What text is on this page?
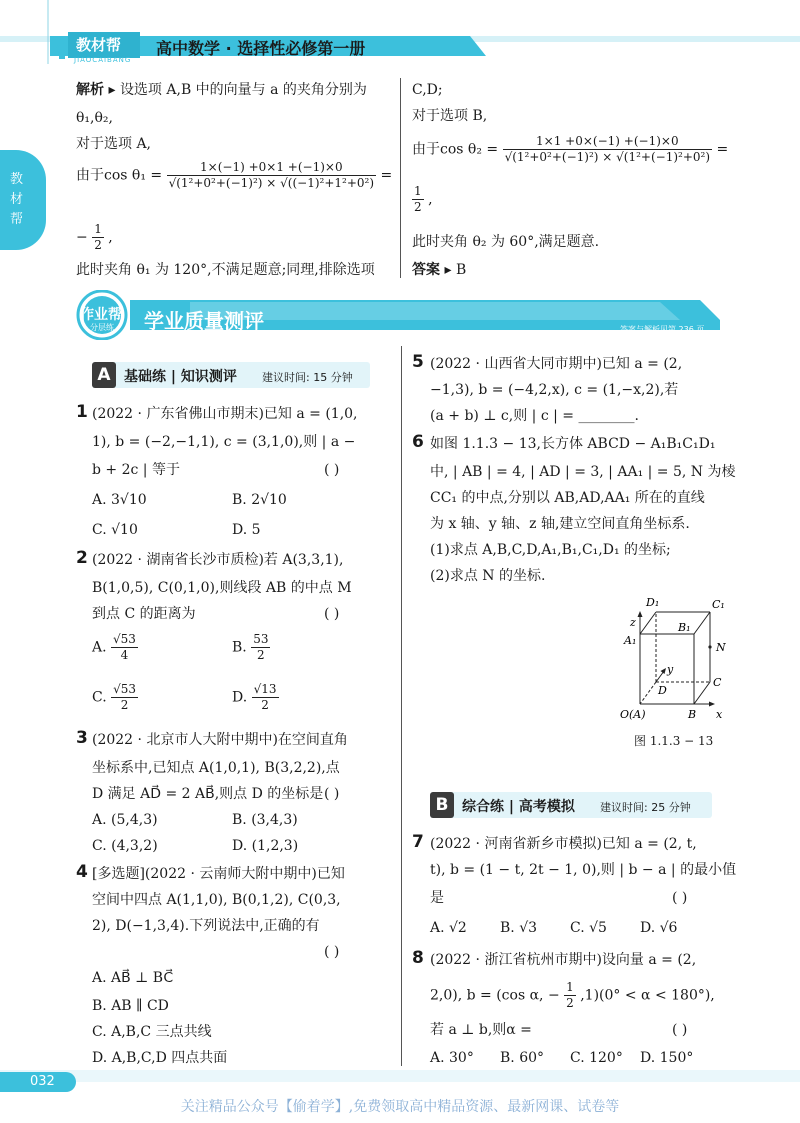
教材帮
JIAOCAIBANG
高中数学 · 选择性必修第一册
教材帮
解析 ▸ 设选项 A,B 中的向量与 a 的夹角分别为
θ₁,θ₂,
对于选项 A,
由于$\cos \theta_1 = \frac{1\times(-1) +0\times 1 +(-1)\times 0}{\text{√(1²+0²+(−1)²) × √((−1)²+1²+0²)}}$ =
− $\frac{1}{2}$ ,
此时夹角 θ₁ 为 120°,不满足题意;同理,排除选项
C,D;
对于选项 B,
由于$\cos \theta_2 = \frac{1\times 1 +0\times(-1) +(-1)\times 0}{\text{√(1²+0²+(−1)²) × √(1²+(−1)²+0²)}}$ =
$\frac{1}{2}$ ,
此时夹角 θ₂ 为 60°,满足题意.
答案 ▸ B
作业帮
分层练 学业质量测评	答案与解析见第 236 页
A 基础练 | 知识测评 建议时间: 15 分钟
1 (2022 · 广东省佛山市期末)已知 a = (1,0,
1), b = (−2,−1,1), c = (3,1,0),则 | a −
b + 2c | 等于	( )
A. 3√10	B. 2√10
C. √10	D. 5
2 (2022 · 湖南省长沙市质检)若 A(3,3,1),
B(1,0,5), C(0,1,0),则线段 AB 的中点 M
到点 C 的距离为	( )
A. $\frac{√53}{4}$	B. $\frac{53}{2}$
C. $\frac{√53}{2}$	D. $\frac{√13}{2}$
3 (2022 · 北京市人大附中期中)在空间直角
坐标系中,已知点 A(1,0,1), B(3,2,2),点
D 满足 AD⃗ = 2 AB⃗,则点 D 的坐标是 ( )
A. (5,4,3)	B. (3,4,3)
C. (4,3,2)	D. (1,2,3)
4 [多选题](2022 · 云南师大附中期中)已知
空间中四点 A(1,1,0), B(0,1,2), C(0,3,
2), D(−1,3,4).下列说法中,正确的有
( )
A. AB⃗ ⊥ BC⃗
B. AB ∥ CD
C. A,B,C 三点共线
D. A,B,C,D 四点共面
5 (2022 · 山西省大同市期中)已知 a = (2,
−1,3), b = (−4,2,x), c = (1,−x,2),若
(a + b) ⊥ c,则 | c | = ________.
6 如图 1.1.3 − 13,长方体 ABCD − A₁B₁C₁D₁
中, | AB | = 4, | AD | = 3, | AA₁ | = 5, N 为棱
CC₁ 的中点,分别以 AB,AD,AA₁ 所在的直线
为 x 轴、y 轴、z 轴,建立空间直角坐标系.
(1)求点 A,B,C,D,A₁,B₁,C₁,D₁ 的坐标;
(2)求点 N 的坐标.
D₁	C₁
B₁
A₁
z
y
N
C
D
O(A)	B x
图 1.1.3 − 13
B 综合练 | 高考模拟 建议时间: 25 分钟
7 (2022 · 河南省新乡市模拟)已知 a = (2, t,
t), b = (1 − t, 2t − 1, 0),则 | b − a | 的最小值
是	( )
A. √2 B. √3 C. √5 D. √6
8 (2022 · 浙江省杭州市期中)设向量 a = (2,
2,0), b = (cos α, − $\frac{1}{2} ,1)(0^\circ < \alpha < 180^\circ)$,
若 a ⊥ b,则α =	( )
A. 30° B. 60° C. 120° D. 150°
032
关注精品公众号【偷着学】,免费领取高中精品资源、最新网课、试卷等
